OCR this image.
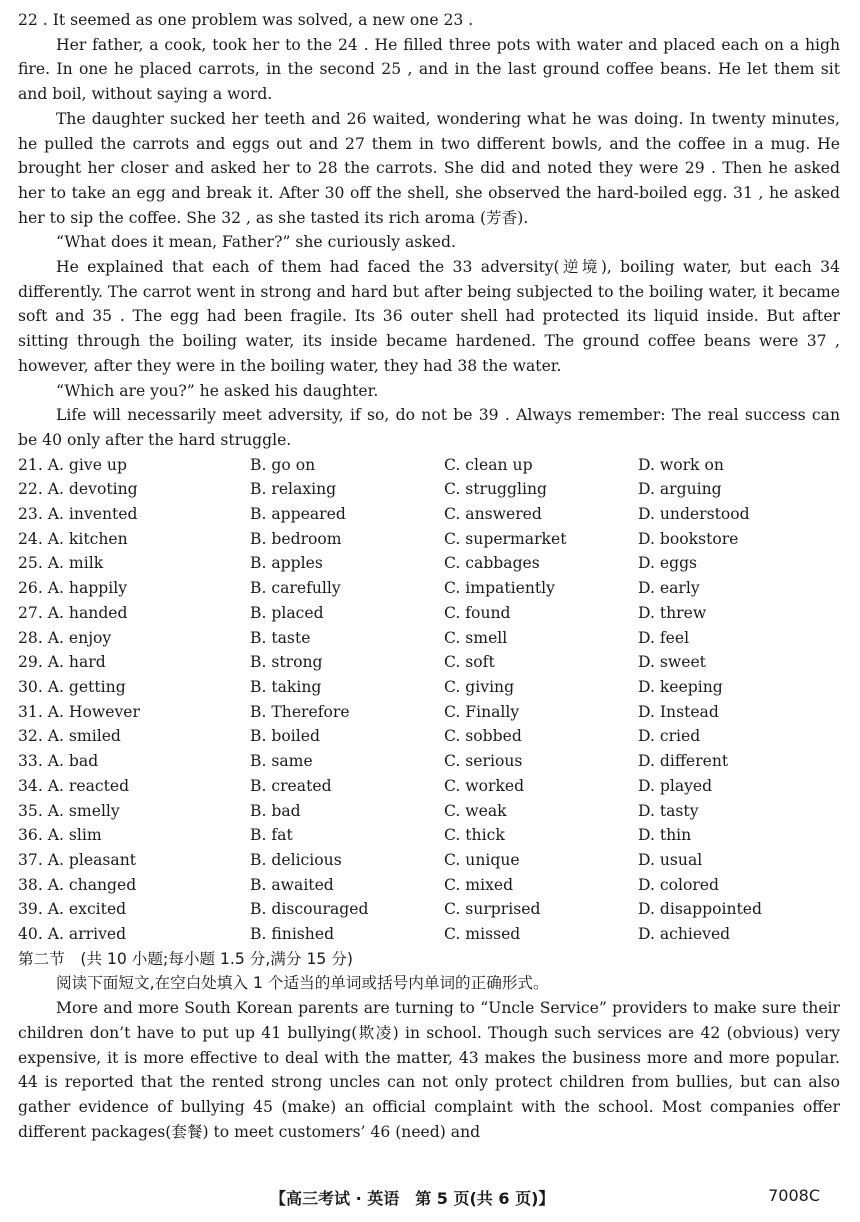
22 . It seemed as one problem was solved, a new one 23 .

Her father, a cook, took her to the 24 . He filled three pots with water and placed each on a high fire. In one he placed carrots, in the second 25 , and in the last ground coffee beans. He let them sit and boil, without saying a word.

The daughter sucked her teeth and 26 waited, wondering what he was doing. In twenty minutes, he pulled the carrots and eggs out and 27 them in two different bowls, and the coffee in a mug. He brought her closer and asked her to 28 the carrots. She did and noted they were 29 . Then he asked her to take an egg and break it. After 30 off the shell, she observed the hard-boiled egg. 31 , he asked her to sip the coffee. She 32 , as she tasted its rich aroma (芳香).

“What does it mean, Father?” she curiously asked.

He explained that each of them had faced the 33 adversity(逆境), boiling water, but each 34 differently. The carrot went in strong and hard but after being subjected to the boiling water, it became soft and 35 . The egg had been fragile. Its 36 outer shell had protected its liquid inside. But after sitting through the boiling water, its inside became hardened. The ground coffee beans were 37 , however, after they were in the boiling water, they had 38 the water.

“Which are you?” he asked his daughter.

Life will necessarily meet adversity, if so, do not be 39 . Always remember: The real success can be 40 only after the hard struggle.

21. A. give up	B. go on	C. clean up	D. work on
22. A. devoting	B. relaxing	C. struggling	D. arguing
23. A. invented	B. appeared	C. answered	D. understood
24. A. kitchen	B. bedroom	C. supermarket	D. bookstore
25. A. milk	B. apples	C. cabbages	D. eggs
26. A. happily	B. carefully	C. impatiently	D. early
27. A. handed	B. placed	C. found	D. threw
28. A. enjoy	B. taste	C. smell	D. feel
29. A. hard	B. strong	C. soft	D. sweet
30. A. getting	B. taking	C. giving	D. keeping
31. A. However	B. Therefore	C. Finally	D. Instead
32. A. smiled	B. boiled	C. sobbed	D. cried
33. A. bad	B. same	C. serious	D. different
34. A. reacted	B. created	C. worked	D. played
35. A. smelly	B. bad	C. weak	D. tasty
36. A. slim	B. fat	C. thick	D. thin
37. A. pleasant	B. delicious	C. unique	D. usual
38. A. changed	B. awaited	C. mixed	D. colored
39. A. excited	B. discouraged	C. surprised	D. disappointed
40. A. arrived	B. finished	C. missed	D. achieved

第二节　(共 10 小题;每小题 1.5 分,满分 15 分)

阅读下面短文,在空白处填入 1 个适当的单词或括号内单词的正确形式。

More and more South Korean parents are turning to “Uncle Service” providers to make sure their children don’t have to put up 41 bullying(欺凌) in school. Though such services are 42 (obvious) very expensive, it is more effective to deal with the matter, 43 makes the business more and more popular. 44 is reported that the rented strong uncles can not only protect children from bullies, but can also gather evidence of bullying 45 (make) an official complaint with the school. Most companies offer different packages(套餐) to meet customers’ 46 (need) and

【高三考试 · 英语　第 5 页(共 6 页)】	7008C
